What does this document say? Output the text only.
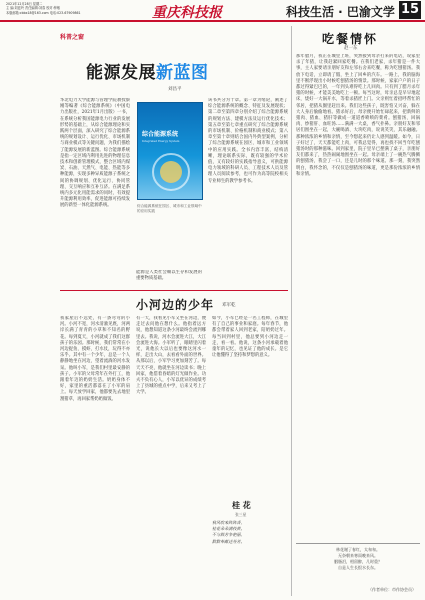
2021年12月28日 星期二
主 编:刘廷玲 责任编辑:刘春 校对:钟敏
本版邮箱:cbbx18@163.com 电话:023-67909861	重庆科技报	科技生活 · 巴渝文学 15
科普之窗
能源发展新蓝图
刘昌平
华北电力大学能源与管理学院教授蔡刚等编著《综合能源系统》（中国电力出版社，2021年1月出版）一书，在系统分析我国能源电力行业的发展形势的基础上，从综合能源理论和实践两个层面，深入研究了综合能源系统的规划设计、运行优化、市场机制与商业模式等关键问题，为我们描绘了能源发展的新蓝图。综合能源系统是指一定区域内利用先进的物理信息技术和创新管理模式，整合区域内煤炭、石油、天然气、电能、热能等多种能源，实现多种异质能源子系统之间的协调规划、优化运行、协同管理、交互响应和互补互济。在满足系统内多元化用能需求的同时，有效提升能源利用效率，促进能源可持续发展的新型一体化能源系统。
综合能源系统
Integrated Energy System
综合能源系统在园区、城市和工业领域中的应用实践
该书共分为十章。第一章为绪论，阐述了综合能源系统的概念、特征及发展现状；第二章至第四章分别介绍了综合能源系统的规划方法、建模方法及运行优化技术；第五章至第七章重点研究了综合能源系统的市场机制、价格机制和商业模式；第八章至第十章则结合国内外典型案例，分析了综合能源系统在园区、城市和工业领域中的应用实践。全书内容丰富，结构清晰，理论联系实际，既有较强的学术价值，又有较好的实践指导意义，可供能源电力领域的科研人员、工程技术人员及管理人员阅读参考，也可作为高等院校相关专业师生的教学参考书。
能源是人类社会赖以生存和发展的重要物质基础。
小河边的少年 邓军乾
我家屋后不远处，有一条弯弯的小河。小河不宽，河水清澈见底，河两岸长满了青青的小草和不知名的野花。每到夏天，小河就成了我们这群孩子的乐园。那时候，我们常常在小河边捉鱼、摸虾、打水仗，玩得不亦乐乎。其中有一个少年，总是一个人静静地坐在河边，望着流淌的河水发呆。他叫小军，是我们村里最安静的孩子。小军的父母常年在外打工，他跟着年迈的奶奶生活。奶奶身体不好，家里的重活都落在了小军的肩上。每天放学回家，他都要先去地里割猪草，再回家帮奶奶做饭。
有一天，我看见小军又坐在河边，便走过去问他在想什么。他指着远方说，他想知道这条小河最终会流到哪里去。我说，河水会流进大江，大江会流进大海。小军听了，眼睛里闪着光，说他长大以后也要像这河水一样，走出大山，去看看外面的世界。从那以后，小军学习更加刻苦了。每天天不亮，他就坐在河边读书；晚上回家，他借着昏暗的灯光做作业。功夫不负有心人，小军以优异的成绩考上了县城的重点中学，后来又考上了大学。
如今，小军已经是一名工程师，在城里有了自己的事业和家庭。每年春节，他都会带着家人回到老家，陪奶奶过年。每当回到村里，他总要到小河边走一走，看一看。他说，这条小河承载着他童年的记忆，也见证了他的成长。是它让他懂得了坚持和梦想的意义。
桂 花
张三星
秋风吹来阵阵香，
桂花朵朵满枝黄。
不与群芳争艳丽，
默默奉献送芬芳。
吃餐情怀
赵一东
那年腊月，我正在城里上班，突然接到母亲打来的电话，说家里杀了年猪，让我赶紧回家吃餐。在我们老家，杀年猪是一件大事，主人家要请亲朋好友和左邻右舍来吃餐，称为吃刨猪汤。我放下电话，立即请了假，坐上了回乡的汽车。一路上，我的脑海里不断浮现出小时候吃刨猪汤的情景。那时候，家家户户的日子都过得紧巴巴的，一年到头难得吃上几回肉。只有到了腊月杀年猪的时候，才能美美地吃上一顿。每当这时，母亲总是早早地起床，烧好一大锅开水，等着杀猪匠上门。父亲则忙着招呼帮忙的邻居，把猪从圈里赶出来。我们这些孩子，既害怕又兴奋，躲在大人身后偷偷地看。猪杀好后，母亲便开始忙碌起来，把新鲜的猪肉、猪血、猪肝等做成一道道香喷喷的菜肴。刨猪汤、回锅肉、炒猪肝、血旺汤……满满一大桌，香气扑鼻。亲朋好友和邻居们围坐在一起，大碗喝酒、大块吃肉，说说笑笑，其乐融融。那种浓浓的乡情和亲情，至今想起来仍让人感到温暖。如今，日子好过了，天天都能吃上肉，可我总觉得，再也找不回当年吃刨猪汤时的那种滋味。回到家里，院子里早已摆满了桌子，亲朋好友们都来了，热热闹闹地围坐在一起。母亲端上了一碗热气腾腾的刨猪汤，我尝了一口，还是儿时的那个味道。那一刻，我突然明白，我怀念的，不仅仅是刨猪汤的味道，更是那份浓浓的乡情和亲情。
林花谢了春红，太匆匆。
无奈朝来寒雨晚来风。
胭脂泪，相留醉，几时重？
自是人生长恨水长东。
（作者单位：市作协会员）
